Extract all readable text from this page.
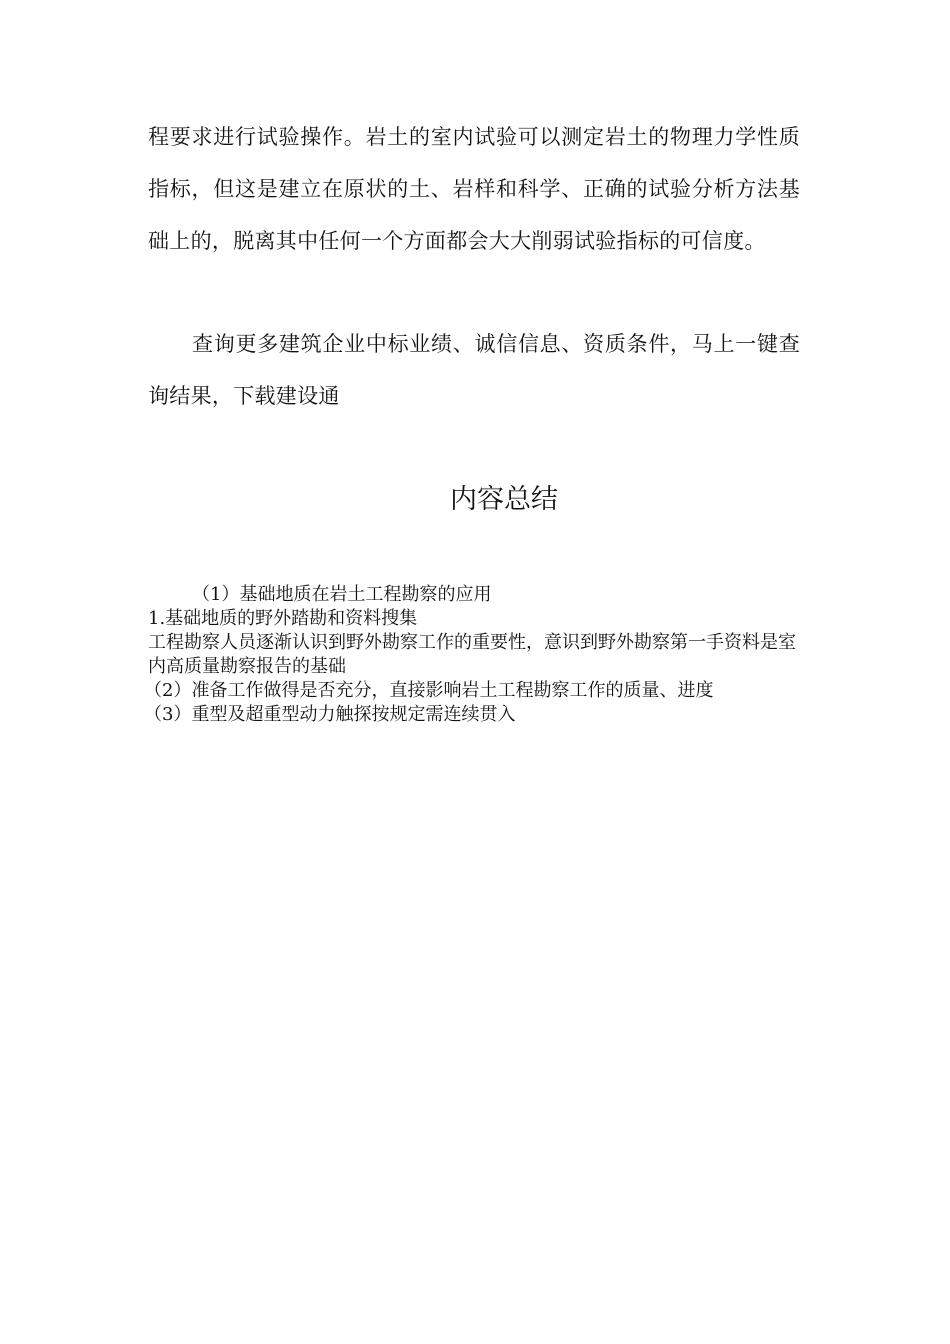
程要求进行试验操作。岩土的室内试验可以测定岩土的物理力学性质指标，但这是建立在原状的土、岩样和科学、正确的试验分析方法基础上的，脱离其中任何一个方面都会大大削弱试验指标的可信度。

查询更多建筑企业中标业绩、诚信信息、资质条件，马上一键查询结果，下载建设通

内容总结
（1）基础地质在岩土工程勘察的应用
1.基础地质的野外踏勘和资料搜集
工程勘察人员逐渐认识到野外勘察工作的重要性，意识到野外勘察第一手资料是室内高质量勘察报告的基础
（2）准备工作做得是否充分，直接影响岩土工程勘察工作的质量、进度
（3）重型及超重型动力触探按规定需连续贯入
